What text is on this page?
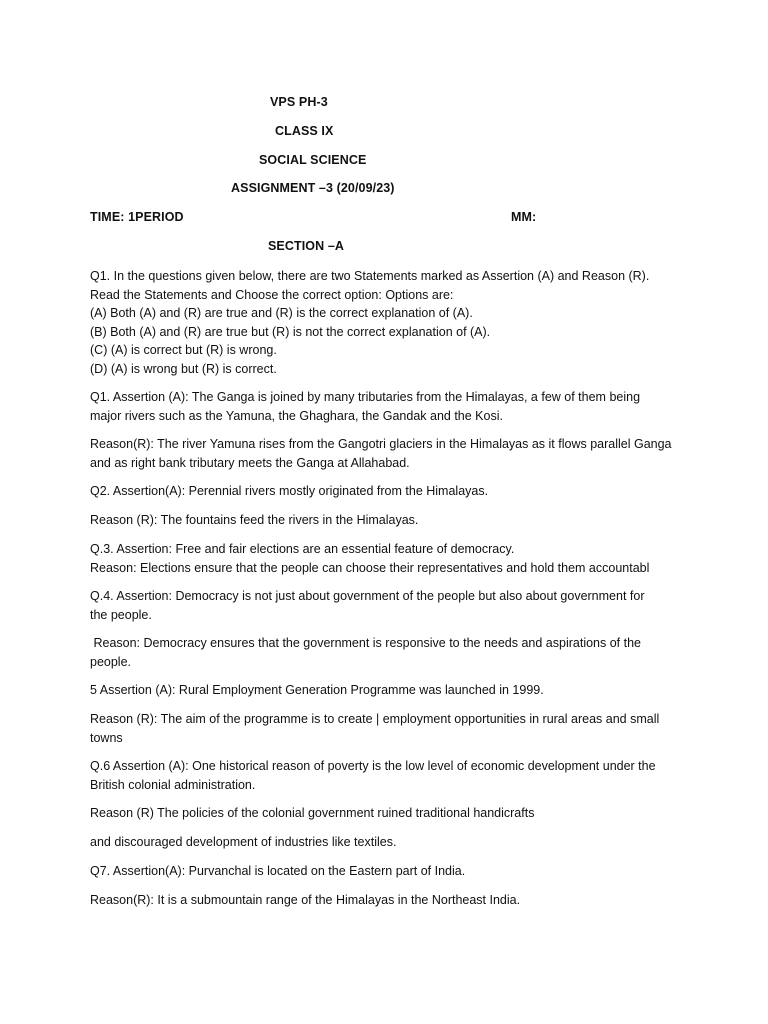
VPS PH-3
CLASS IX
SOCIAL SCIENCE
ASSIGNMENT –3 (20/09/23)
TIME: 1PERIOD	MM:
SECTION –A
Q1. In the questions given below, there are two Statements marked as Assertion (A) and Reason (R).
Read the Statements and Choose the correct option: Options are:
(A) Both (A) and (R) are true and (R) is the correct explanation of (A).
(B) Both (A) and (R) are true but (R) is not the correct explanation of (A).
(C) (A) is correct but (R) is wrong.
(D) (A) is wrong but (R) is correct.
Q1. Assertion (A): The Ganga is joined by many tributaries from the Himalayas, a few of them being
major rivers such as the Yamuna, the Ghaghara, the Gandak and the Kosi.
Reason(R): The river Yamuna rises from the Gangotri glaciers in the Himalayas as it flows parallel Ganga
and as right bank tributary meets the Ganga at Allahabad.
Q2. Assertion(A): Perennial rivers mostly originated from the Himalayas.
Reason (R): The fountains feed the rivers in the Himalayas.
Q.3. Assertion: Free and fair elections are an essential feature of democracy.
Reason: Elections ensure that the people can choose their representatives and hold them accountabl
Q.4. Assertion: Democracy is not just about government of the people but also about government for
the people.
Reason: Democracy ensures that the government is responsive to the needs and aspirations of the
people.
5 Assertion (A): Rural Employment Generation Programme was launched in 1999.
Reason (R): The aim of the programme is to create | employment opportunities in rural areas and small
towns
Q.6 Assertion (A): One historical reason of poverty is the low level of economic development under the
British colonial administration.
Reason (R) The policies of the colonial government ruined traditional handicrafts
and discouraged development of industries like textiles.
Q7. Assertion(A): Purvanchal is located on the Eastern part of India.
Reason(R): It is a submountain range of the Himalayas in the Northeast India.
